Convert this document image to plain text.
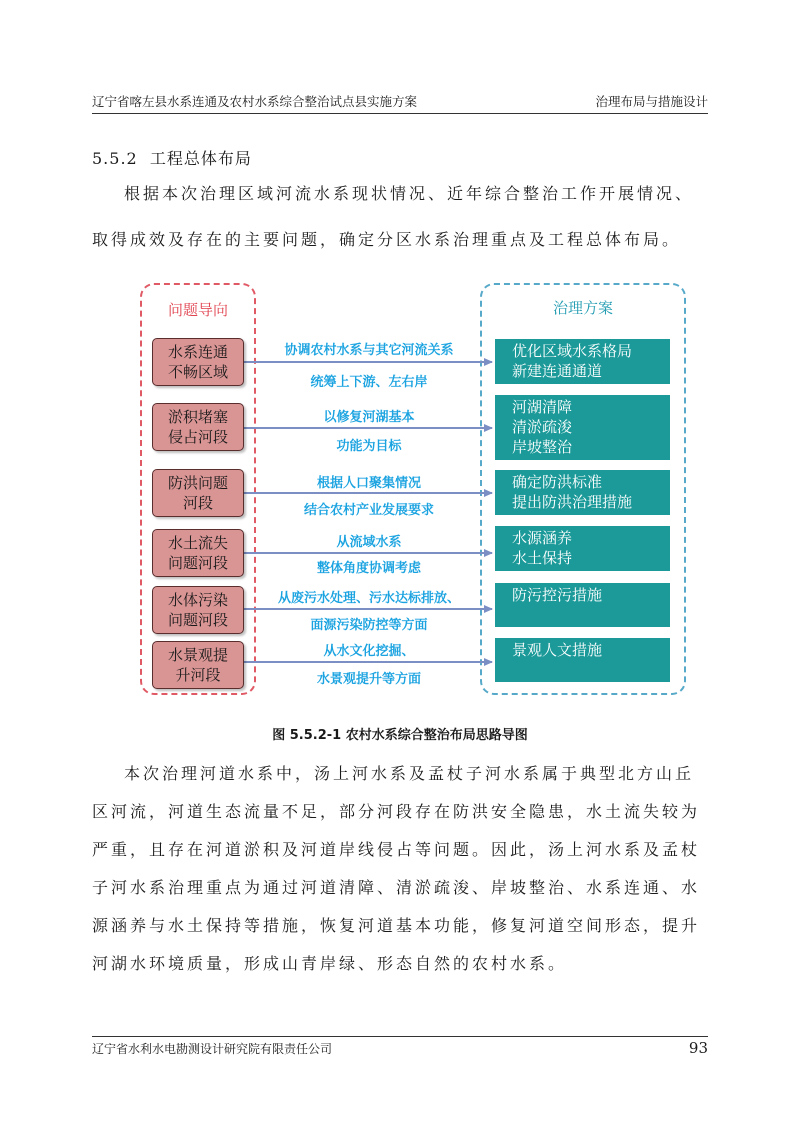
辽宁省喀左县水系连通及农村水系综合整治试点县实施方案	治理布局与措施设计
5.5.2 工程总体布局
根据本次治理区域河流水系现状情况、近年综合整治工作开展情况、
取得成效及存在的主要问题，确定分区水系治理重点及工程总体布局。
问题导向	治理方案
水系连通
不畅区域
协调农村水系与其它河流关系
统筹上下游、左右岸
优化区域水系格局
新建连通通道
淤积堵塞
侵占河段
以修复河湖基本
功能为目标
河湖清障
清淤疏浚
岸坡整治
防洪问题
河段
根据人口聚集情况
结合农村产业发展要求
确定防洪标准
提出防洪治理措施
水土流失
问题河段
从流域水系
整体角度协调考虑
水源涵养
水土保持
水体污染
问题河段
从废污水处理、污水达标排放、
面源污染防控等方面
防污控污措施
水景观提
升河段
从水文化挖掘、
水景观提升等方面
景观人文措施
图 5.5.2-1 农村水系综合整治布局思路导图
本次治理河道水系中，汤上河水系及孟杖子河水系属于典型北方山丘
区河流，河道生态流量不足，部分河段存在防洪安全隐患，水土流失较为
严重，且存在河道淤积及河道岸线侵占等问题。因此，汤上河水系及孟杖
子河水系治理重点为通过河道清障、清淤疏浚、岸坡整治、水系连通、水
源涵养与水土保持等措施，恢复河道基本功能，修复河道空间形态，提升
河湖水环境质量，形成山青岸绿、形态自然的农村水系。
辽宁省水利水电勘测设计研究院有限责任公司	93
